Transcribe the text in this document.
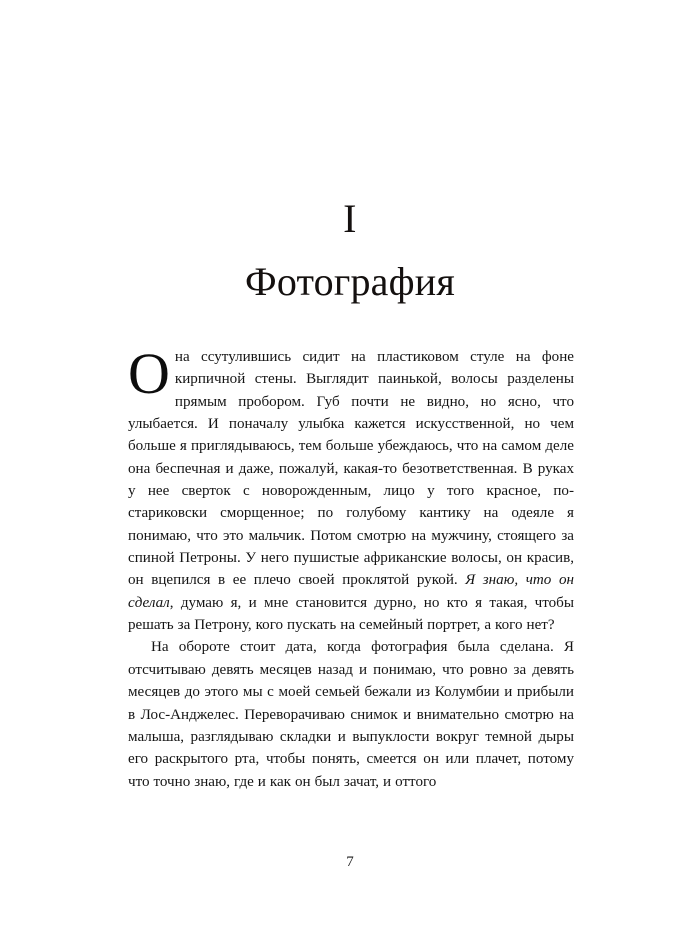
I
Фотография

Она ссутулившись сидит на пластиковом стуле на фоне кирпичной стены. Выглядит паинькой, волосы разделены прямым пробором. Губ почти не видно, но ясно, что улыбается. И поначалу улыбка кажется искусственной, но чем больше я приглядываюсь, тем больше убеждаюсь, что на самом деле она беспечная и даже, пожалуй, какая-то безответственная. В руках у нее сверток с новорожденным, лицо у того красное, по-стариковски сморщенное; по голубому кантику на одеяле я понимаю, что это мальчик. Потом смотрю на мужчину, стоящего за спиной Петроны. У него пушистые африканские волосы, он красив, он вцепился в ее плечо своей проклятой рукой. Я знаю, что он сделал, думаю я, и мне становится дурно, но кто я такая, чтобы решать за Петрону, кого пускать на семейный портрет, а кого нет?

На обороте стоит дата, когда фотография была сделана. Я отсчитываю девять месяцев назад и понимаю, что ровно за девять месяцев до этого мы с моей семьей бежали из Колумбии и прибыли в Лос-Анджелес. Переворачиваю снимок и внимательно смотрю на малыша, разглядываю складки и выпуклости вокруг темной дыры его раскрытого рта, чтобы понять, смеется он или плачет, потому что точно знаю, где и как он был зачат, и оттого

7
